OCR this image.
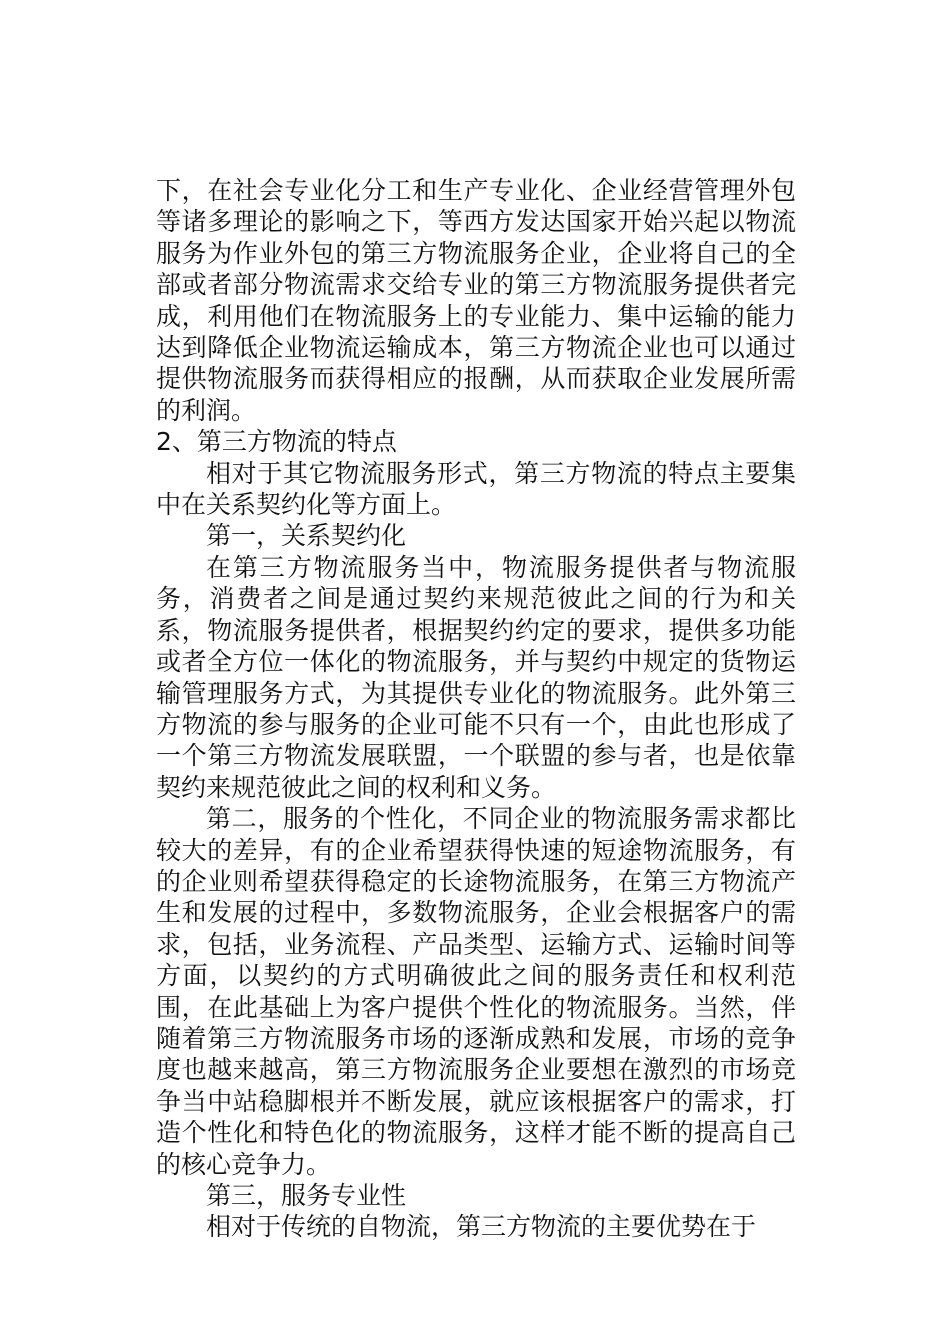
下，在社会专业化分工和生产专业化、企业经营管理外包等诸多理论的影响之下，等西方发达国家开始兴起以物流服务为作业外包的第三方物流服务企业，企业将自己的全部或者部分物流需求交给专业的第三方物流服务提供者完成，利用他们在物流服务上的专业能力、集中运输的能力达到降低企业物流运输成本，第三方物流企业也可以通过提供物流服务而获得相应的报酬，从而获取企业发展所需的利润。

2、第三方物流的特点

相对于其它物流服务形式，第三方物流的特点主要集中在关系契约化等方面上。

第一，关系契约化

在第三方物流服务当中，物流服务提供者与物流服务，消费者之间是通过契约来规范彼此之间的行为和关系，物流服务提供者，根据契约约定的要求，提供多功能或者全方位一体化的物流服务，并与契约中规定的货物运输管理服务方式，为其提供专业化的物流服务。此外第三方物流的参与服务的企业可能不只有一个，由此也形成了一个第三方物流发展联盟，一个联盟的参与者，也是依靠契约来规范彼此之间的权利和义务。

第二，服务的个性化，不同企业的物流服务需求都比较大的差异，有的企业希望获得快速的短途物流服务，有的企业则希望获得稳定的长途物流服务，在第三方物流产生和发展的过程中，多数物流服务，企业会根据客户的需求，包括，业务流程、产品类型、运输方式、运输时间等方面，以契约的方式明确彼此之间的服务责任和权利范围，在此基础上为客户提供个性化的物流服务。当然，伴随着第三方物流服务市场的逐渐成熟和发展，市场的竞争度也越来越高，第三方物流服务企业要想在激烈的市场竞争当中站稳脚根并不断发展，就应该根据客户的需求，打造个性化和特色化的物流服务，这样才能不断的提高自己的核心竞争力。

第三，服务专业性

相对于传统的自物流，第三方物流的主要优势在于
